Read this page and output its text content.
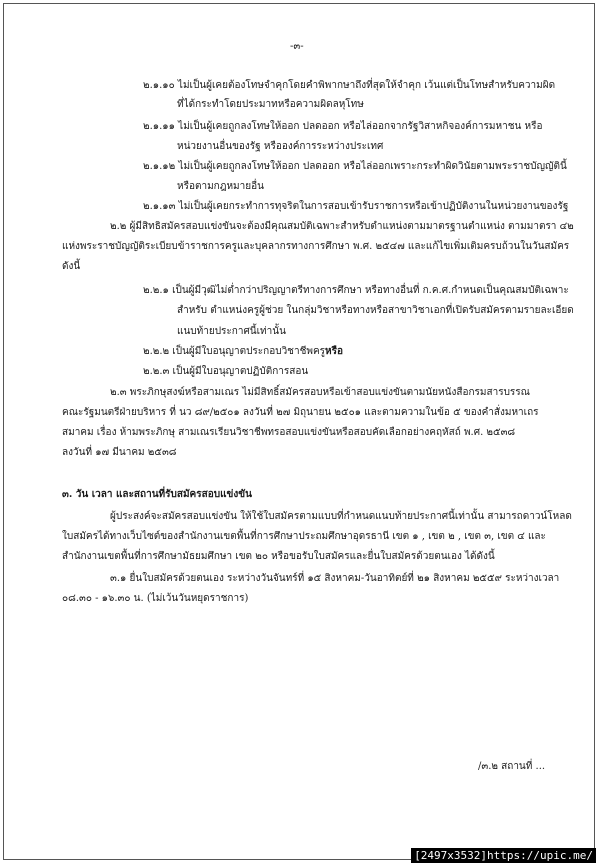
-๓-
๒.๑.๑๐ ไม่เป็นผู้เคยต้องโทษจำคุกโดยคำพิพากษาถึงที่สุดให้จำคุก เว้นแต่เป็นโทษสำหรับความผิด
ที่ได้กระทำโดยประมาทหรือความผิดลหุโทษ
๒.๑.๑๑ ไม่เป็นผู้เคยถูกลงโทษให้ออก ปลดออก หรือไล่ออกจากรัฐวิสาหกิจองค์การมหาชน หรือ
หน่วยงานอื่นของรัฐ หรือองค์การระหว่างประเทศ
๒.๑.๑๒ ไม่เป็นผู้เคยถูกลงโทษให้ออก ปลดออก หรือไล่ออกเพราะกระทำผิดวินัยตามพระราชบัญญัตินี้
หรือตามกฎหมายอื่น
๒.๑.๑๓ ไม่เป็นผู้เคยกระทำการทุจริตในการสอบเข้ารับราชการหรือเข้าปฏิบัติงานในหน่วยงานของรัฐ
๒.๒ ผู้มีสิทธิสมัครสอบแข่งขันจะต้องมีคุณสมบัติเฉพาะสำหรับตำแหน่งตามมาตรฐานตำแหน่ง ตามมาตรา ๔๒
แห่งพระราชบัญญัติระเบียบข้าราชการครูและบุคลากรทางการศึกษา พ.ศ. ๒๕๔๗ และแก้ไขเพิ่มเติมครบถ้วนในวันสมัคร
ดังนี้
๒.๒.๑ เป็นผู้มีวุฒิไม่ต่ำกว่าปริญญาตรีทางการศึกษา หรือทางอื่นที่ ก.ค.ศ.กำหนดเป็นคุณสมบัติเฉพาะ
สำหรับ ตำแหน่งครูผู้ช่วย ในกลุ่มวิชาหรือทางหรือสาขาวิชาเอกที่เปิดรับสมัครตามรายละเอียด
แนบท้ายประกาศนี้เท่านั้น
๒.๒.๒ เป็นผู้มีใบอนุญาตประกอบวิชาชีพครูหรือ
๒.๒.๓ เป็นผู้มีใบอนุญาตปฏิบัติการสอน
๒.๓ พระภิกษุสงฆ์หรือสามเณร ไม่มีสิทธิ์สมัครสอบหรือเข้าสอบแข่งขันตามนัยหนังสือกรมสารบรรณ
คณะรัฐมนตรีฝ่ายบริหาร ที่ นว ๘๙/๒๕๐๑ ลงวันที่ ๒๗ มิถุนายน ๒๕๐๑ และตามความในข้อ ๕ ของคำสั่งมหาเถร
สมาคม เรื่อง ห้ามพระภิกษุ สามเณรเรียนวิชาชีพทรอสอบแข่งขันหรือสอบคัดเลือกอย่างคฤหัสถ์ พ.ศ. ๒๕๓๘
ลงวันที่ ๑๗ มีนาคม ๒๕๓๘
๓. วัน เวลา และสถานที่รับสมัครสอบแข่งขัน
ผู้ประสงค์จะสมัครสอบแข่งขัน ให้ใช้ใบสมัครตามแบบที่กำหนดแนบท้ายประกาศนี้เท่านั้น สามารถดาวน์โหลด
ใบสมัครได้ทางเว็บไซต์ของสำนักงานเขตพื้นที่การศึกษาประถมศึกษาอุดรธานี เขต ๑ , เขต ๒ , เขต ๓, เขต ๔ และ
สำนักงานเขตพื้นที่การศึกษามัธยมศึกษา เขต ๒๐ หรือขอรับใบสมัครและยื่นใบสมัครด้วยตนเอง ได้ดังนี้
๓.๑ ยื่นใบสมัครด้วยตนเอง ระหว่างวันจันทร์ที่ ๑๕ สิงหาคม-วันอาทิตย์ที่ ๒๑ สิงหาคม ๒๕๕๙ ระหว่างเวลา
๐๘.๓๐ - ๑๖.๓๐ น. (ไม่เว้นวันหยุดราชการ)
/๓.๒ สถานที่ ...
[2497x3532]https://upic.me/
